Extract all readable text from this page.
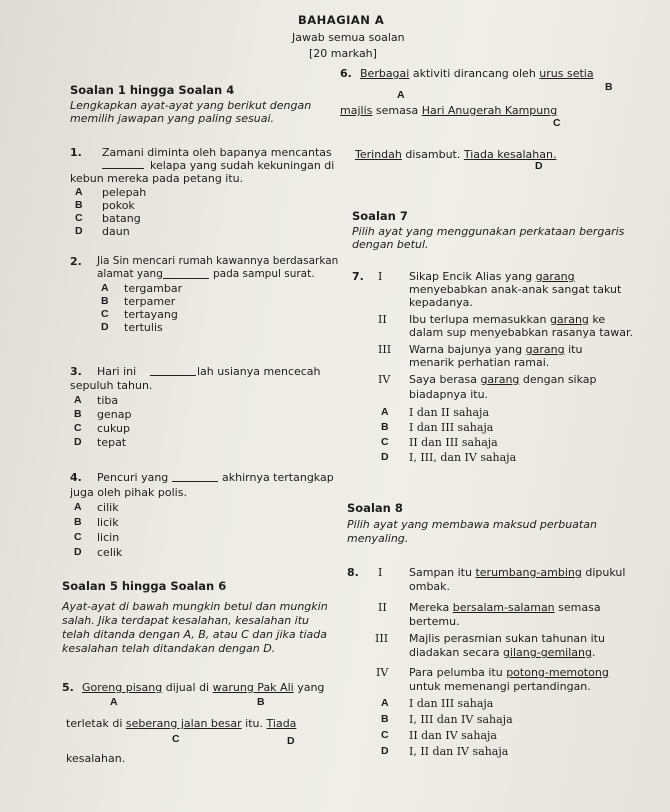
BAHAGIAN A
Jawab semua soalan
[20 markah]
Soalan 1 hingga Soalan 4
Lengkapkan ayat-ayat yang berikut dengan
memilih jawapan yang paling sesuai.
1. Zamani diminta oleh bapanya mencantas
kelapa yang sudah kekuningan di
kebun mereka pada petang itu.
A pelepah
B pokok
C batang
D daun
2. Jia Sin mencari rumah kawannya berdasarkan
alamat yang	pada sampul surat.
A tergambar
B terpamer
C tertayang
D tertulis
3. Hari ini	lah usianya mencecah
sepuluh tahun.
A tiba
B genap
C cukup
D tepat
4. Pencuri yang	akhirnya tertangkap
juga oleh pihak polis.
A cilik
B licik
C licin
D celik
Soalan 5 hingga Soalan 6
Ayat-ayat di bawah mungkin betul dan mungkin
salah. Jika terdapat kesalahan, kesalahan itu
telah ditanda dengan A, B, atau C dan jika tiada
kesalahan telah ditandakan dengan D.
5. Goreng pisang dijual di warung Pak Ali yang
A	B
terletak di seberang jalan besar itu. Tiada
C	D
kesalahan.
6. Berbagai aktiviti dirancang oleh urus setia
A
B
majlis semasa Hari Anugerah Kampung
C
Terindah disambut. Tiada kesalahan.
D
Soalan 7
Pilih ayat yang menggunakan perkataan bergaris
dengan betul.
7. I Sikap Encik Alias yang garang
menyebabkan anak-anak sangat takut
kepadanya.
II Ibu terlupa memasukkan garang ke
dalam sup menyebabkan rasanya tawar.
III Warna bajunya yang garang itu
menarik perhatian ramai.
IV Saya berasa garang dengan sikap
biadapnya itu.
A I dan II sahaja
B I dan III sahaja
C II dan III sahaja
D I, III, dan IV sahaja
Soalan 8
Pilih ayat yang membawa maksud perbuatan
menyaling.
8. I Sampan itu terumbang-ambing dipukul
ombak.
II Mereka bersalam-salaman semasa
bertemu.
III Majlis perasmian sukan tahunan itu
diadakan secara gilang-gemilang.
IV Para pelumba itu potong-memotong
untuk memenangi pertandingan.
A I dan III sahaja
B I, III dan IV sahaja
C II dan IV sahaja
D I, II dan IV sahaja
